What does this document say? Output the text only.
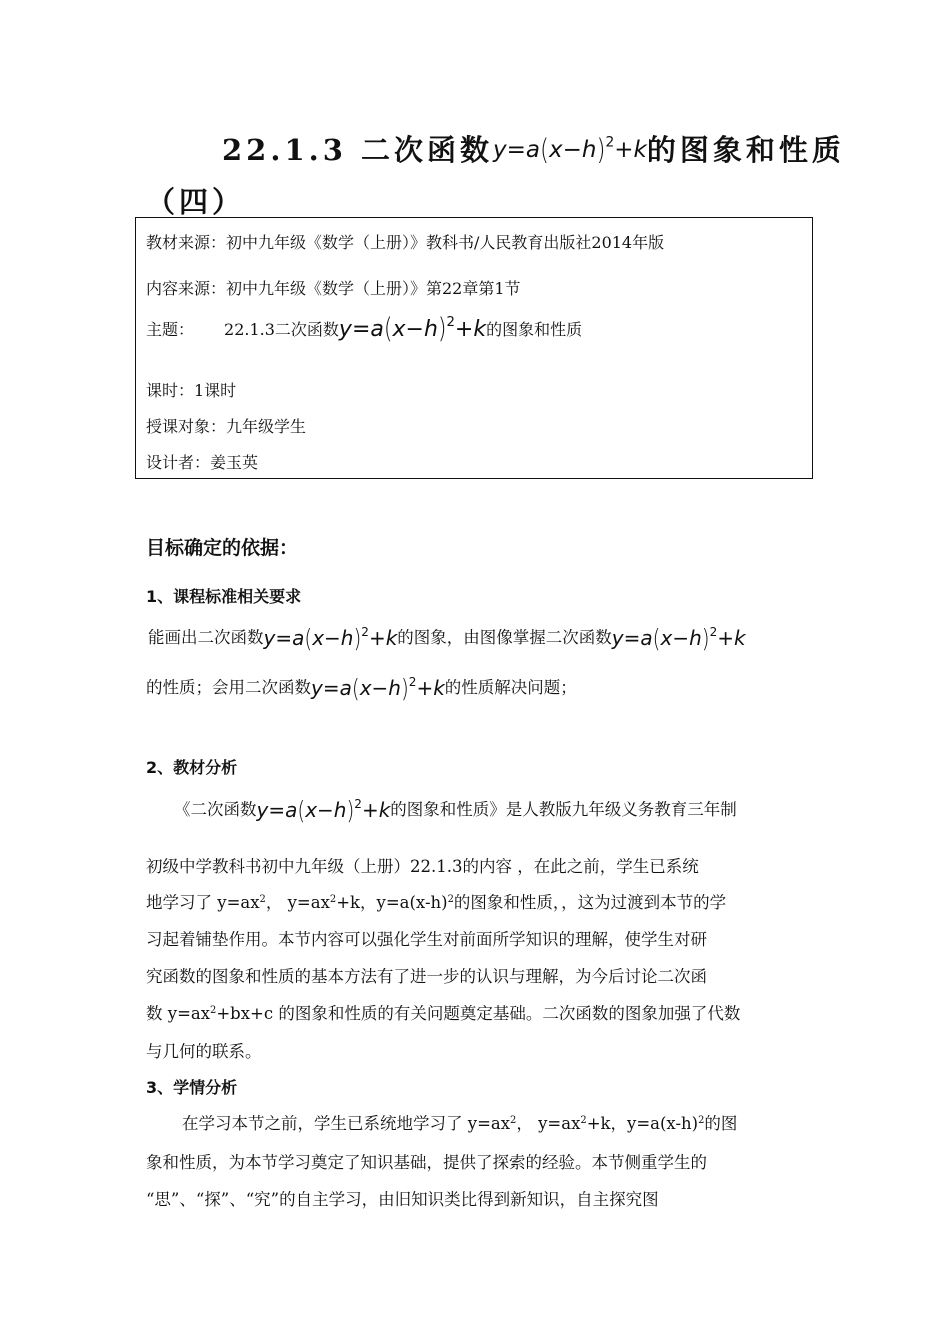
22.1.3 二次函数$y=a(x-h)^2+k$的图象和性质
（四）
教材来源：初中九年级《数学（上册）》教科书/人民教育出版社2014年版
内容来源：初中九年级《数学（上册）》第22章第1节
主题： 22.1.3二次函数$y=a(x-h)^2+k$的图象和性质
课时：1课时
授课对象：九年级学生
设计者：姜玉英
目标确定的依据：
1、课程标准相关要求
能画出二次函数$y=a(x-h)^2+k$的图象，由图像掌握二次函数$y=a(x-h)^2+k$
的性质；会用二次函数$y=a(x-h)^2+k$的性质解决问题；
2、教材分析
《二次函数$y=a(x-h)^2+k$的图象和性质》是人教版九年级义务教育三年制
初级中学教科书初中九年级（上册）22.1.3的内容 ，在此之前，学生已系统
地学习了 $y=ax^2$， $y=ax^2+k$，$y=a(x-h)^2$的图象和性质，，这为过渡到本节的学
习起着铺垫作用。本节内容可以强化学生对前面所学知识的理解，使学生对研
究函数的图象和性质的基本方法有了进一步的认识与理解，为今后讨论二次函
数 $y=ax^2+bx+c$ 的图象和性质的有关问题奠定基础。二次函数的图象加强了代数
与几何的联系。
3、学情分析
在学习本节之前，学生已系统地学习了 $y=ax^2$， $y=ax^2+k$，$y=a(x-h)^2$的图
象和性质，为本节学习奠定了知识基础，提供了探索的经验。本节侧重学生的
“思”、“探”、“究”的自主学习，由旧知识类比得到新知识，自主探究图
